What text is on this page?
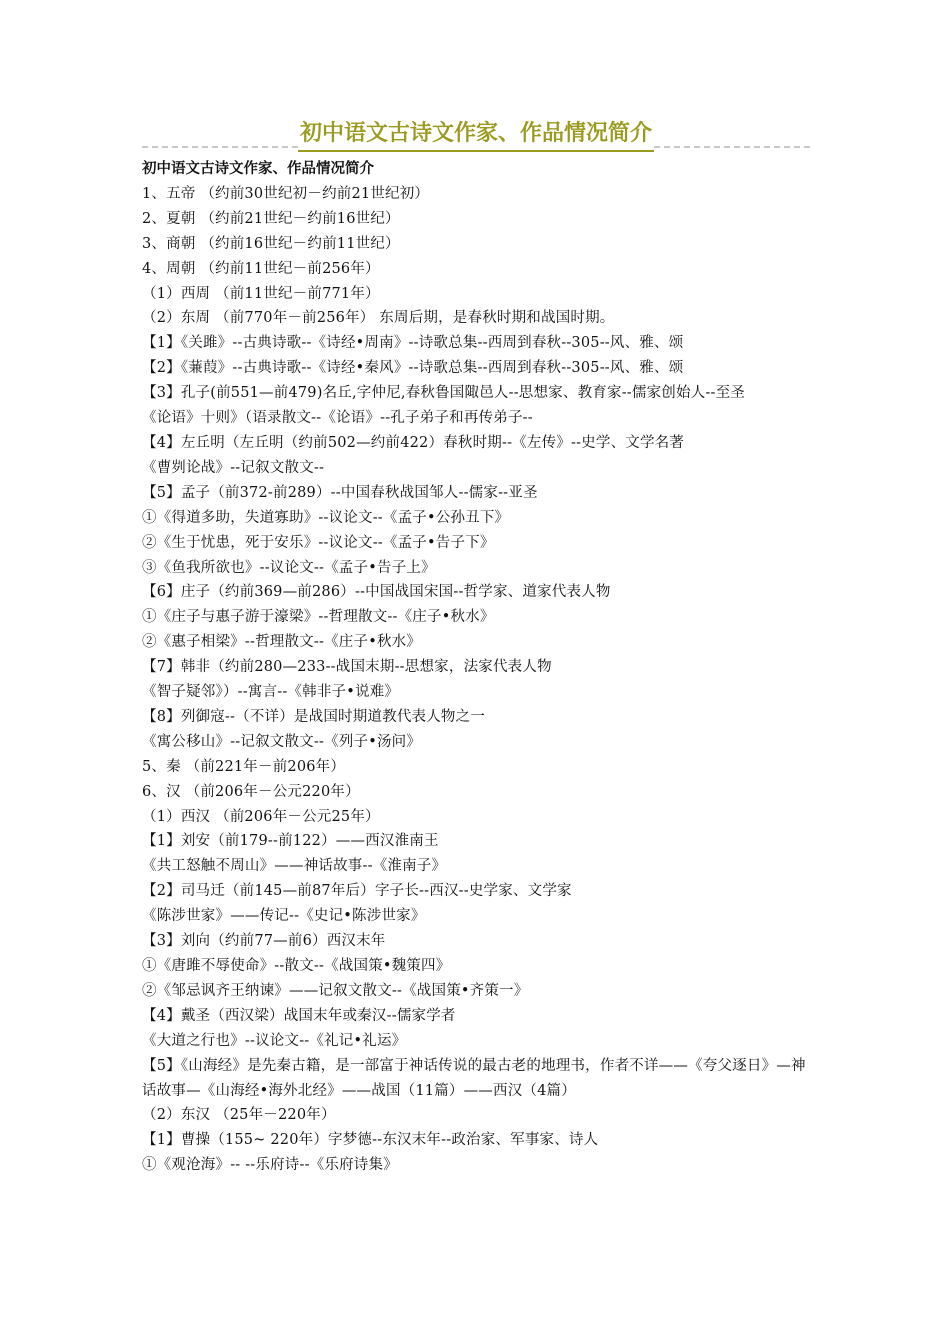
初中语文古诗文作家、作品情况简介
初中语文古诗文作家、作品情况简介
1、五帝 （约前30世纪初－约前21世纪初）
2、夏朝 （约前21世纪－约前16世纪）
3、商朝 （约前16世纪－约前11世纪）
4、周朝 （约前11世纪－前256年）
（1）西周 （前11世纪－前771年）
（2）东周 （前770年－前256年） 东周后期，是春秋时期和战国时期。
【1】《关雎》--古典诗歌--《诗经•周南》--诗歌总集--西周到春秋--305--风、雅、颂
【2】《蒹葭》--古典诗歌--《诗经•秦风》--诗歌总集--西周到春秋--305--风、雅、颂
【3】孔子(前551—前479)名丘,字仲尼,春秋鲁国陬邑人--思想家、教育家--儒家创始人--至圣
《论语》十则》（语录散文--《论语》--孔子弟子和再传弟子--
【4】左丘明（左丘明（约前502—约前422）春秋时期--《左传》--史学、文学名著
《曹刿论战》--记叙文散文--
【5】孟子（前372-前289）--中国春秋战国邹人--儒家--亚圣
①《得道多助，失道寡助》--议论文--《孟子•公孙丑下》
②《生于忧患，死于安乐》--议论文--《孟子•告子下》
③《鱼我所欲也》--议论文--《孟子•告子上》
【6】庄子（约前369—前286）--中国战国宋国--哲学家、道家代表人物
①《庄子与惠子游于濠梁》--哲理散文--《庄子•秋水》
②《惠子相梁》--哲理散文--《庄子•秋水》
【7】韩非（约前280—233--战国末期--思想家，法家代表人物
《智子疑邻》）--寓言--《韩非子•说难》
【8】列御寇--（不详）是战国时期道教代表人物之一
《寓公移山》--记叙文散文--《列子•汤问》
5、秦 （前221年－前206年）
6、汉 （前206年－公元220年）
（1）西汉 （前206年－公元25年）
【1】刘安（前179--前122）——西汉淮南王
《共工怒触不周山》——神话故事--《淮南子》
【2】司马迁（前145—前87年后）字子长--西汉--史学家、文学家
《陈涉世家》——传记--《史记•陈涉世家》
【3】刘向（约前77—前6）西汉末年
①《唐雎不辱使命》--散文--《战国策•魏策四》
②《邹忌讽齐王纳谏》——记叙文散文--《战国策•齐策一》
【4】戴圣（西汉梁）战国末年或秦汉--儒家学者
《大道之行也》--议论文--《礼记•礼运》
【5】《山海经》是先秦古籍，是一部富于神话传说的最古老的地理书，作者不详——《夸父逐日》—神话故事—《山海经•海外北经》——战国（11篇）——西汉（4篇）
（2）东汉 （25年－220年）
【1】曹操（155~ 220年）字梦德--东汉末年--政治家、军事家、诗人
①《观沧海》-- --乐府诗--《乐府诗集》
